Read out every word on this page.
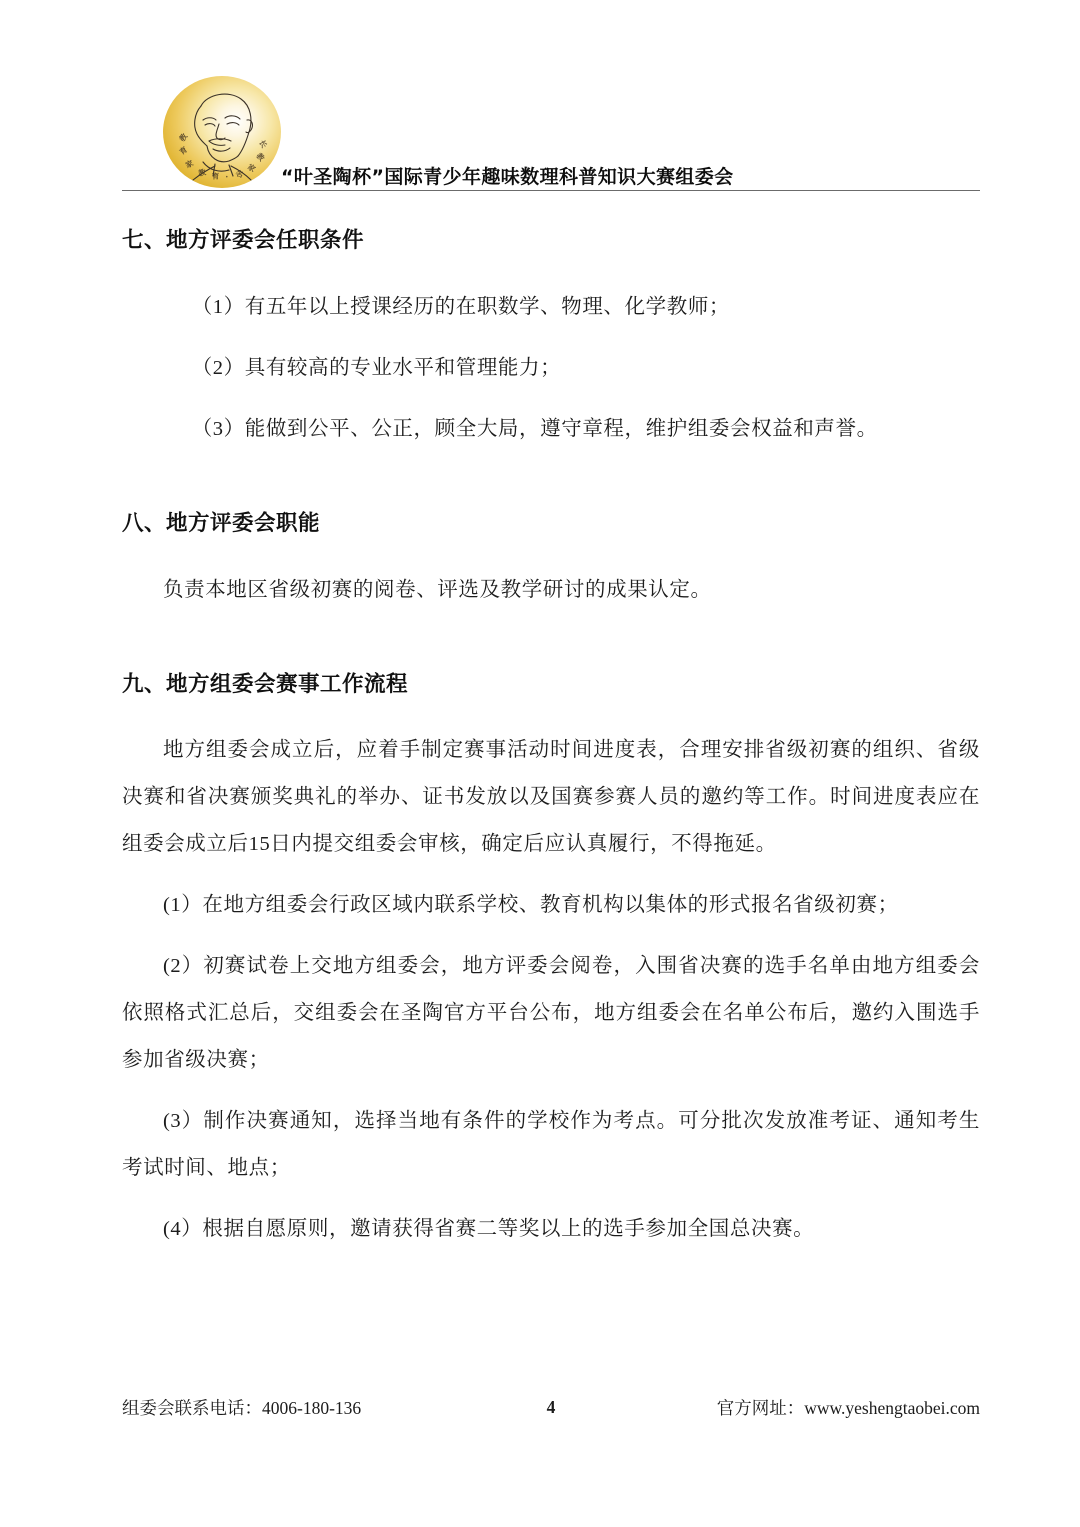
教
育
家
教 育 · 名
家
教
长
“叶圣陶杯”国际青少年趣味数理科普知识大赛组委会
七、地方评委会任职条件

（1）有五年以上授课经历的在职数学、物理、化学教师；

（2）具有较高的专业水平和管理能力；

（3）能做到公平、公正，顾全大局，遵守章程，维护组委会权益和声誉。

八、地方评委会职能

负责本地区省级初赛的阅卷、评选及教学研讨的成果认定。

九、地方组委会赛事工作流程

地方组委会成立后，应着手制定赛事活动时间进度表，合理安排省级初赛的组织、省级决赛和省决赛颁奖典礼的举办、证书发放以及国赛参赛人员的邀约等工作。时间进度表应在组委会成立后15日内提交组委会审核，确定后应认真履行，不得拖延。

(1）在地方组委会行政区域内联系学校、教育机构以集体的形式报名省级初赛；

(2）初赛试卷上交地方组委会，地方评委会阅卷，入围省决赛的选手名单由地方组委会依照格式汇总后，交组委会在圣陶官方平台公布，地方组委会在名单公布后，邀约入围选手参加省级决赛；

(3）制作决赛通知，选择当地有条件的学校作为考点。可分批次发放准考证、通知考生考试时间、地点；

(4）根据自愿原则，邀请获得省赛二等奖以上的选手参加全国总决赛。

组委会联系电话：4006-180-136	4	官方网址：www.yeshengtaobei.com
